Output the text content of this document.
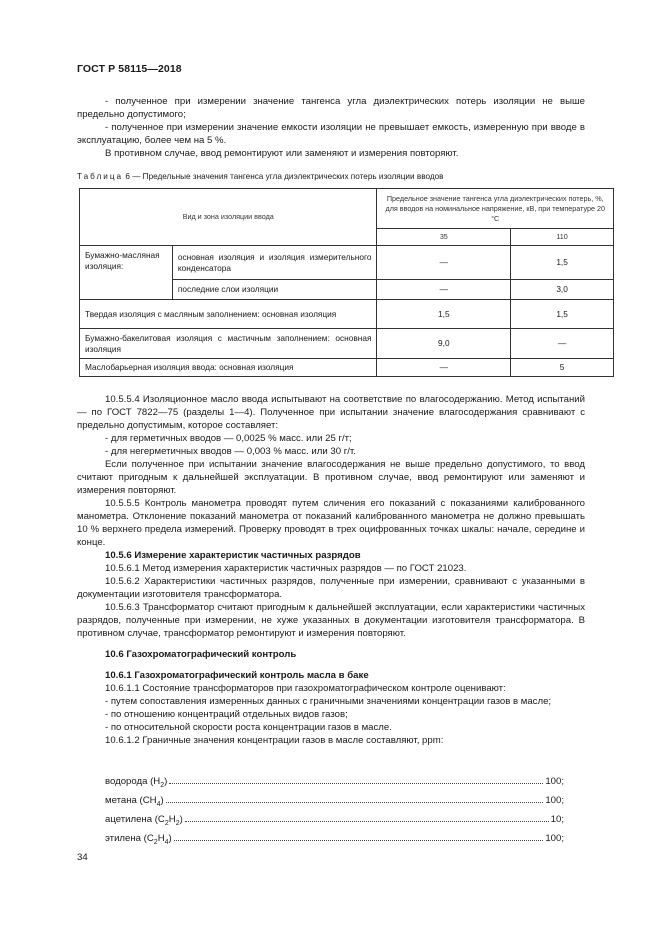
ГОСТ Р 58115—2018

- полученное при измерении значение тангенса угла диэлектрических потерь изоляции не выше предельно допустимого;

- полученное при измерении значение емкости изоляции не превышает емкость, измеренную при вводе в эксплуатацию, более чем на 5 %.

В противном случае, ввод ремонтируют или заменяют и измерения повторяют.

Таблица 6 — Предельные значения тангенса угла диэлектрических потерь изоляции вводов
Вид и зона изоляции ввода		Предельное значение тангенса угла диэлектрических потерь, %, для вводов на номинальное напряжение, кВ, при температуре 20 °С	
		35	110
Бумажно-масляная изоляция:	основная изоляция и изоляция измерительного конденсатора	—	1,5
	последние слои изоляции	—	3,0
Твердая изоляция с масляным заполнением: основная изоляция		1,5	1,5
Бумажно-бакелитовая изоляция с мастичным заполнением: основная изоляция		9,0	—
Маслобарьерная изоляция ввода: основная изоляция		—	5

10.5.5.4 Изоляционное масло ввода испытывают на соответствие по влагосодержанию. Метод испытаний — по ГОСТ 7822—75 (разделы 1—4). Полученное при испытании значение влагосодержания сравнивают с предельно допустимым, которое составляет:

- для герметичных вводов — 0,0025 % масс. или 25 г/т;

- для негерметичных вводов — 0,003 % масс. или 30 г/т.

Если полученное при испытании значение влагосодержания не выше предельно допустимого, то ввод считают пригодным к дальнейшей эксплуатации. В противном случае, ввод ремонтируют или заменяют и измерения повторяют.

10.5.5.5 Контроль манометра проводят путем сличения его показаний с показаниями калиброванного манометра. Отклонение показаний манометра от показаний калиброванного манометра не должно превышать 10 % верхнего предела измерений. Проверку проводят в трех оцифрованных точках шкалы: начале, середине и конце.

10.5.6 Измерение характеристик частичных разрядов

10.5.6.1 Метод измерения характеристик частичных разрядов — по ГОСТ 21023.

10.5.6.2 Характеристики частичных разрядов, полученные при измерении, сравнивают с указанными в документации изготовителя трансформатора.

10.5.6.3 Трансформатор считают пригодным к дальнейшей эксплуатации, если характеристики частичных разрядов, полученные при измерении, не хуже указанных в документации изготовителя трансформатора. В противном случае, трансформатор ремонтируют и измерения повторяют.

10.6 Газохроматографический контроль

10.6.1 Газохроматографический контроль масла в баке

10.6.1.1 Состояние трансформаторов при газохроматографическом контроле оценивают:

- путем сопоставления измеренных данных с граничными значениями концентрации газов в масле;

- по отношению концентраций отдельных видов газов;

- по относительной скорости роста концентрации газов в масле.

10.6.1.2 Граничные значения концентрации газов в масле составляют, ppm:

водорода $(H_2)$	100;
метана $(CH_4)$	100;
ацетилена $(C_2H_2)$	10;
этилена $(C_2H_4)$	100;
34
